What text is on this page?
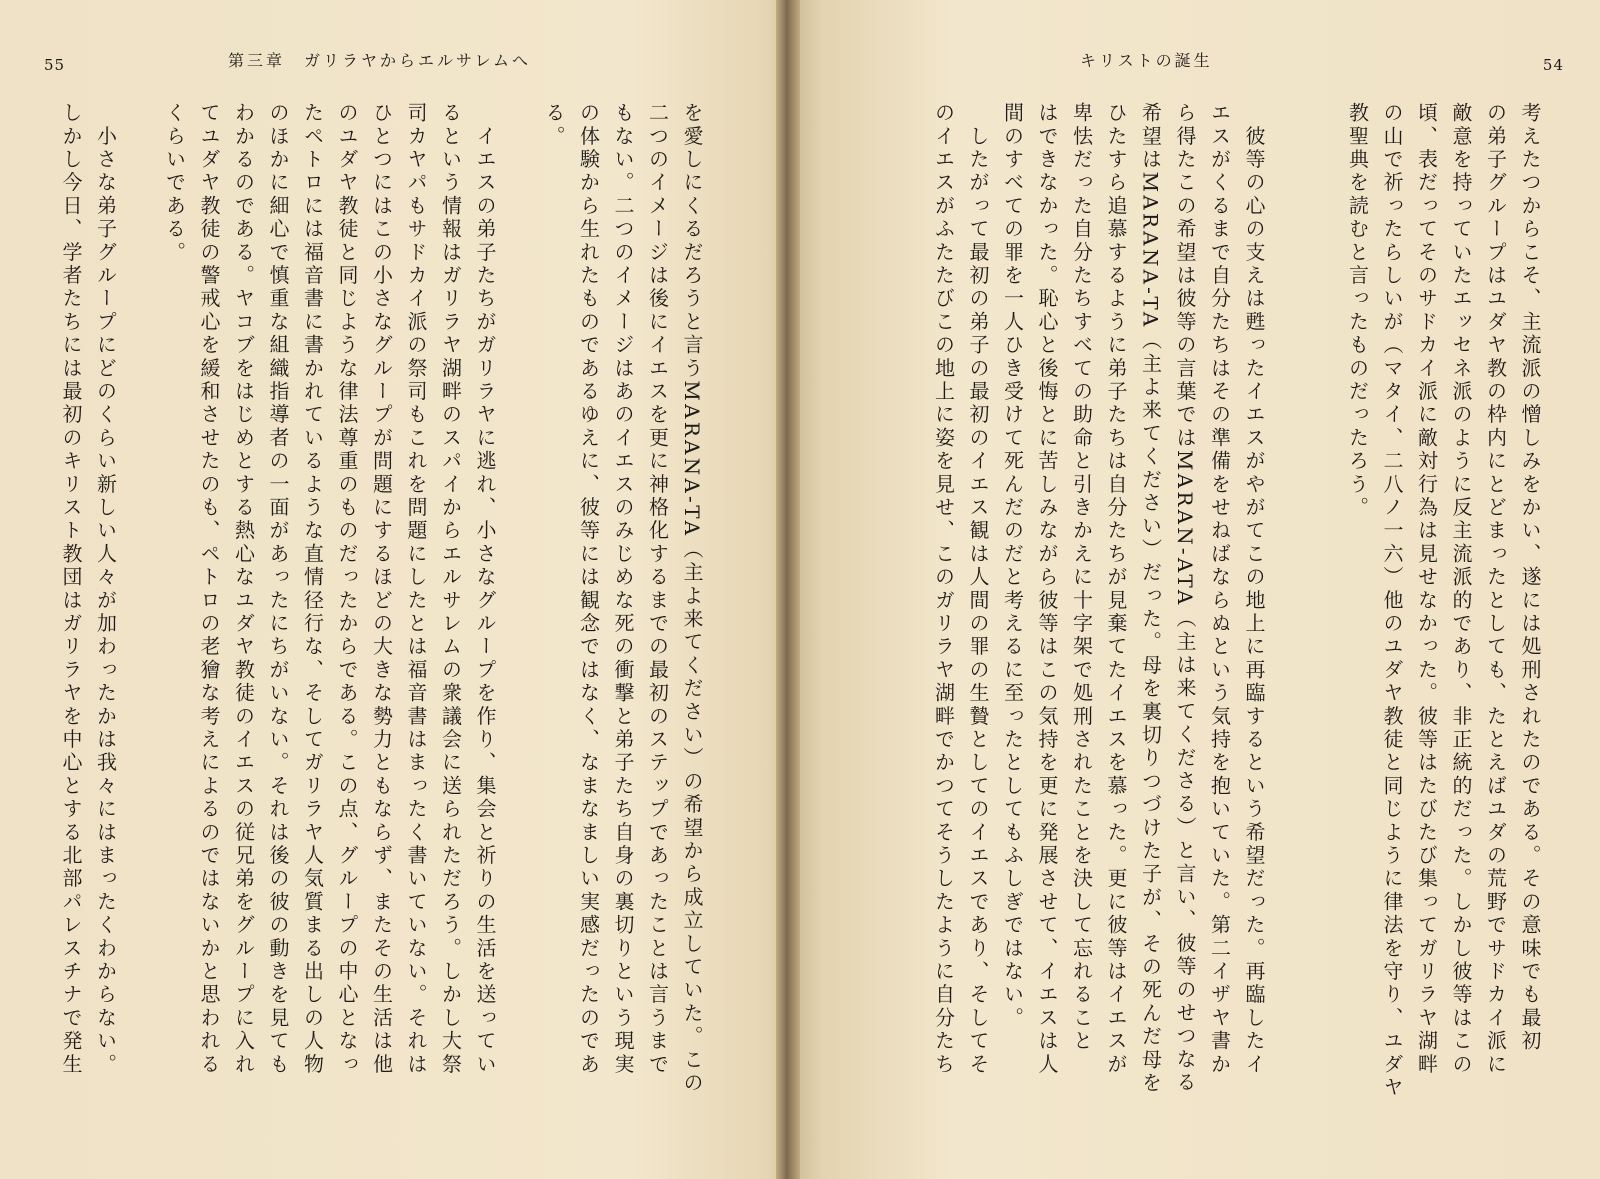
55	第三章　ガリラヤからエルサレムへ
を愛しにくるだろうと言うMARANA-TA（主よ来てください）の希望から成立していた。この
二つのイメージは後にイエスを更に神格化するまでの最初のステップであったことは言うまで
もない。二つのイメージはあのイエスのみじめな死の衝撃と弟子たち自身の裏切りという現実
の体験から生れたものであるゆえに、彼等には観念ではなく、なまなましい実感だったのであ
る。
　イエスの弟子たちがガリラヤに逃れ、小さなグループを作り、集会と祈りの生活を送ってい
るという情報はガリラヤ湖畔のスパイからエルサレムの衆議会に送られただろう。しかし大祭
司カヤパもサドカイ派の祭司もこれを問題にしたとは福音書はまったく書いていない。それは
ひとつにはこの小さなグループが問題にするほどの大きな勢力ともならず、またその生活は他
のユダヤ教徒と同じような律法尊重のものだったからである。この点、グループの中心となっ
たペトロには福音書に書かれているような直情径行な、そしてガリラヤ人気質まる出しの人物
のほかに細心で慎重な組織指導者の一面があったにちがいない。それは後の彼の動きを見ても
わかるのである。ヤコブをはじめとする熱心なユダヤ教徒のイエスの従兄弟をグループに入れ
てユダヤ教徒の警戒心を緩和させたのも、ペトロの老獪な考えによるのではないかと思われる
くらいである。
　小さな弟子グループにどのくらい新しい人々が加わったかは我々にはまったくわからない。
しかし今日、学者たちには最初のキリスト教団はガリラヤを中心とする北部パレスチナで発生
54
キリストの誕生
考えたつからこそ、主流派の憎しみをかい、遂には処刑されたのである。その意味でも最初
の弟子グループはユダヤ教の枠内にとどまったとしても、たとえばユダの荒野でサドカイ派に
敵意を持っていたエッセネ派のように反主流派的であり、非正統的だった。しかし彼等はこの
頃、表だってそのサドカイ派に敵対行為は見せなかった。彼等はたびたび集ってガリラヤ湖畔
の山で祈ったらしいが（マタイ、二八ノ一六）他のユダヤ教徒と同じように律法を守り、ユダヤ
教聖典を読むと言ったものだったろう。
　彼等の心の支えは甦ったイエスがやがてこの地上に再臨するという希望だった。再臨したイ
エスがくるまで自分たちはその準備をせねばならぬという気持を抱いていた。第二イザヤ書か
ら得たこの希望は彼等の言葉ではMARAN-ATA（主は来てくださる）と言い、彼等のせつなる
希望はMARANA-TA（主よ来てください）だった。母を裏切りつづけた子が、その死んだ母を
ひたすら追慕するように弟子たちは自分たちが見棄てたイエスを慕った。更に彼等はイエスが
卑怯だった自分たちすべての助命と引きかえに十字架で処刑されたことを決して忘れること
はできなかった。恥心と後悔とに苦しみながら彼等はこの気持を更に発展させて、イエスは人
間のすべての罪を一人ひき受けて死んだのだと考えるに至ったとしてもふしぎではない。
　したがって最初の弟子の最初のイエス観は人間の罪の生贄としてのイエスであり、そしてそ
のイエスがふたたびこの地上に姿を見せ、このガリラヤ湖畔でかつてそうしたように自分たち
